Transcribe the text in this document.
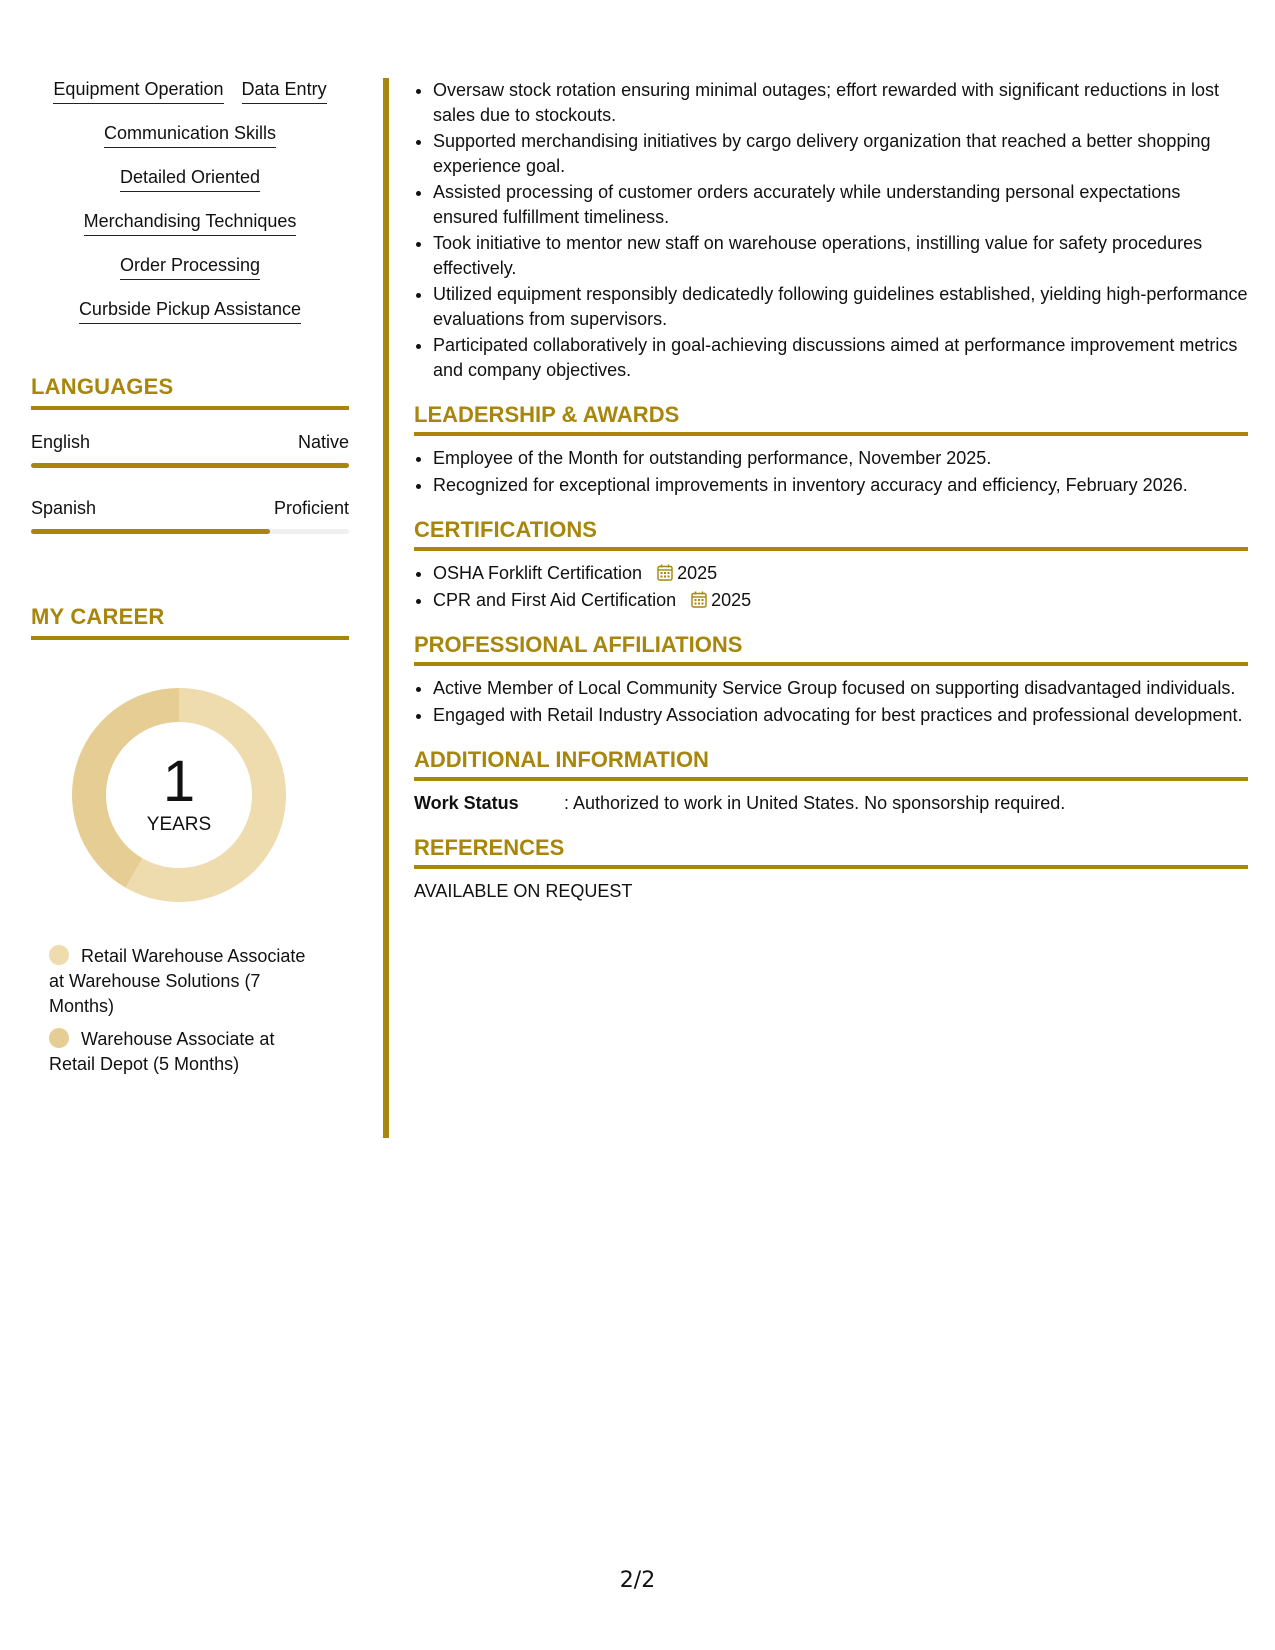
Equipment Operation Data Entry
Communication Skills
Detailed Oriented
Merchandising Techniques
Order Processing
Curbside Pickup Assistance
LANGUAGES
English	Native
Spanish	Proficient
MY CAREER
1
YEARS
Retail Warehouse Associate at Warehouse Solutions (7 Months)
Warehouse Associate at Retail Depot (5 Months)
• Oversaw stock rotation ensuring minimal outages; effort rewarded with significant reductions in lost sales due to stockouts.
• Supported merchandising initiatives by cargo delivery organization that reached a better shopping experience goal.
• Assisted processing of customer orders accurately while understanding personal expectations ensured fulfillment timeliness.
• Took initiative to mentor new staff on warehouse operations, instilling value for safety procedures effectively.
• Utilized equipment responsibly dedicatedly following guidelines established, yielding high-performance evaluations from supervisors.
• Participated collaboratively in goal-achieving discussions aimed at performance improvement metrics and company objectives.
LEADERSHIP & AWARDS
• Employee of the Month for outstanding performance, November 2025.
• Recognized for exceptional improvements in inventory accuracy and efficiency, February 2026.
CERTIFICATIONS
• OSHA Forklift Certification 2025
• CPR and First Aid Certification 2025
PROFESSIONAL AFFILIATIONS
• Active Member of Local Community Service Group focused on supporting disadvantaged individuals.
• Engaged with Retail Industry Association advocating for best practices and professional development.
ADDITIONAL INFORMATION
Work Status	: Authorized to work in United States. No sponsorship required.
REFERENCES
AVAILABLE ON REQUEST
2/2
